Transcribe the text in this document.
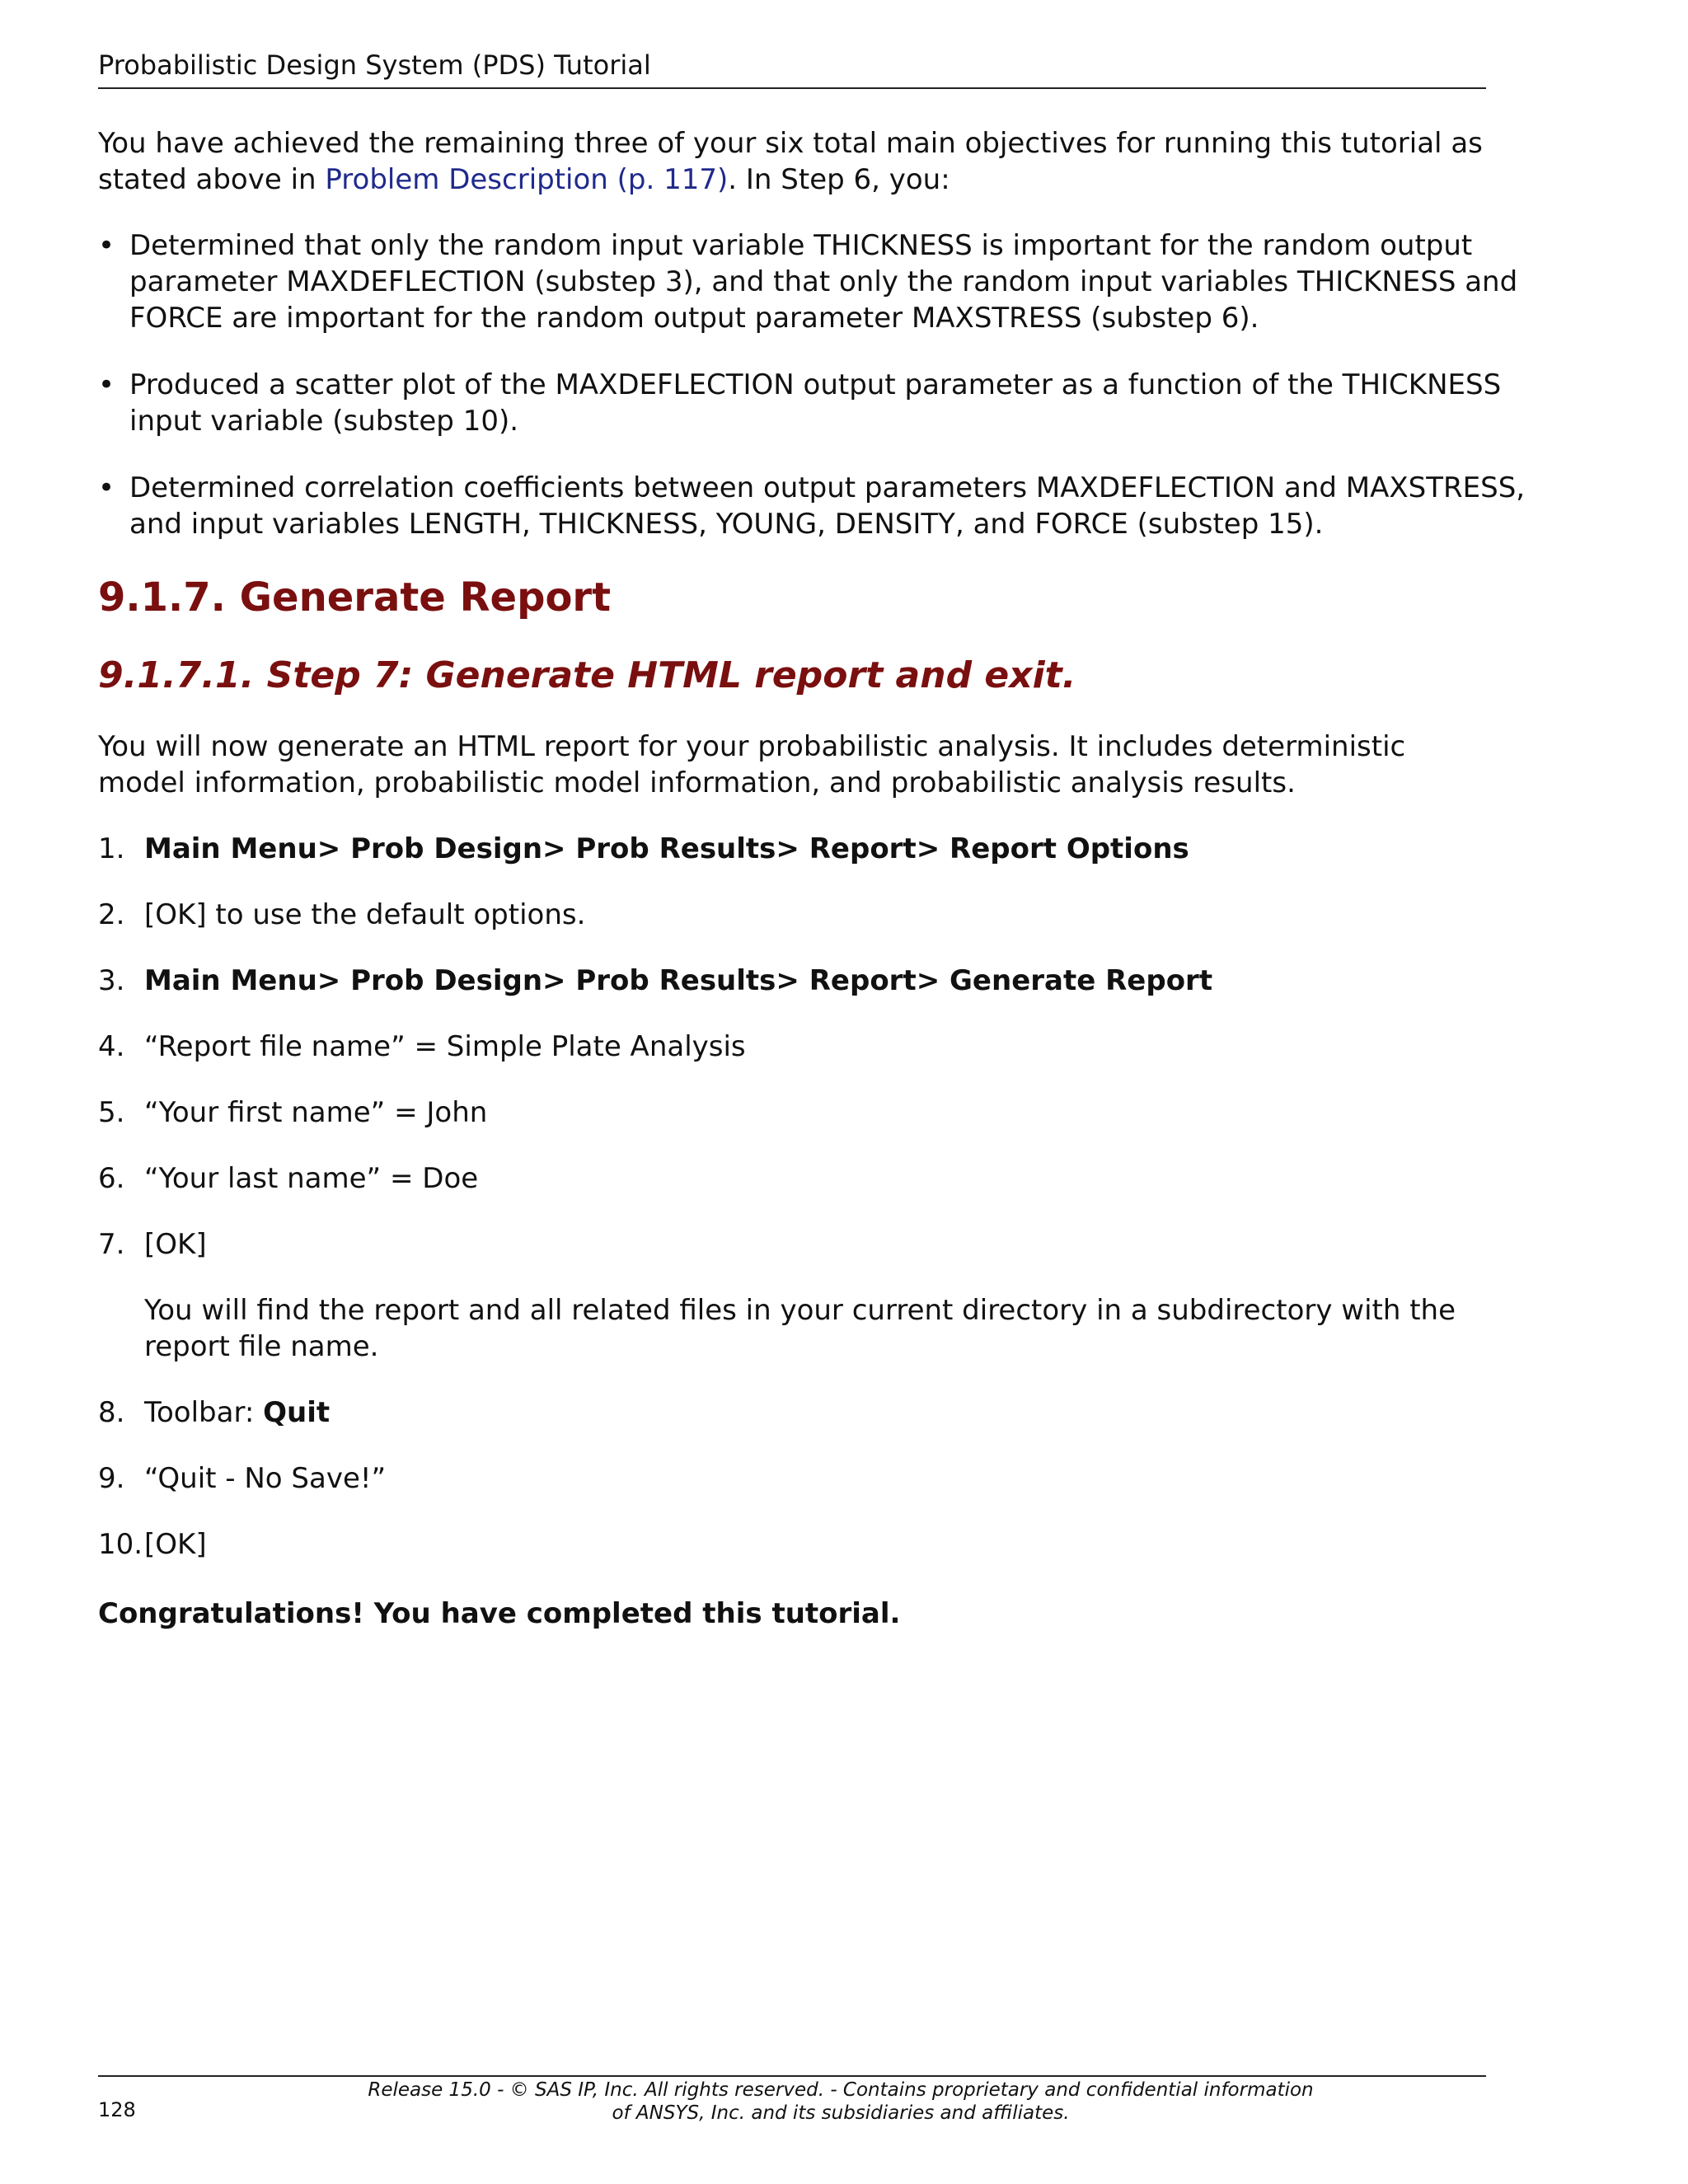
Probabilistic Design System (PDS) Tutorial

You have achieved the remaining three of your six total main objectives for running this tutorial as stated above in Problem Description (p. 117). In Step 6, you:

• Determined that only the random input variable THICKNESS is important for the random output parameter MAXDEFLECTION (substep 3), and that only the random input variables THICKNESS and FORCE are important for the random output parameter MAXSTRESS (substep 6).
• Produced a scatter plot of the MAXDEFLECTION output parameter as a function of the THICKNESS input variable (substep 10).
• Determined correlation coefficients between output parameters MAXDEFLECTION and MAXSTRESS, and input variables LENGTH, THICKNESS, YOUNG, DENSITY, and FORCE (substep 15).
9.1.7. Generate Report
9.1.7.1. Step 7: Generate HTML report and exit.

You will now generate an HTML report for your probabilistic analysis. It includes deterministic model information, probabilistic model information, and probabilistic analysis results.

1. Main Menu> Prob Design> Prob Results> Report> Report Options
2. [OK] to use the default options.
3. Main Menu> Prob Design> Prob Results> Report> Generate Report
4. “Report file name” = Simple Plate Analysis
5. “Your first name” = John
6. “Your last name” = Doe
7. [OK]
You will find the report and all related files in your current directory in a subdirectory with the report file name.
8. Toolbar: Quit
9. “Quit - No Save!”
10. [OK]

Congratulations! You have completed this tutorial.

Release 15.0 - © SAS IP, Inc. All rights reserved. - Contains proprietary and confidential information
of ANSYS, Inc. and its subsidiaries and affiliates.
128
